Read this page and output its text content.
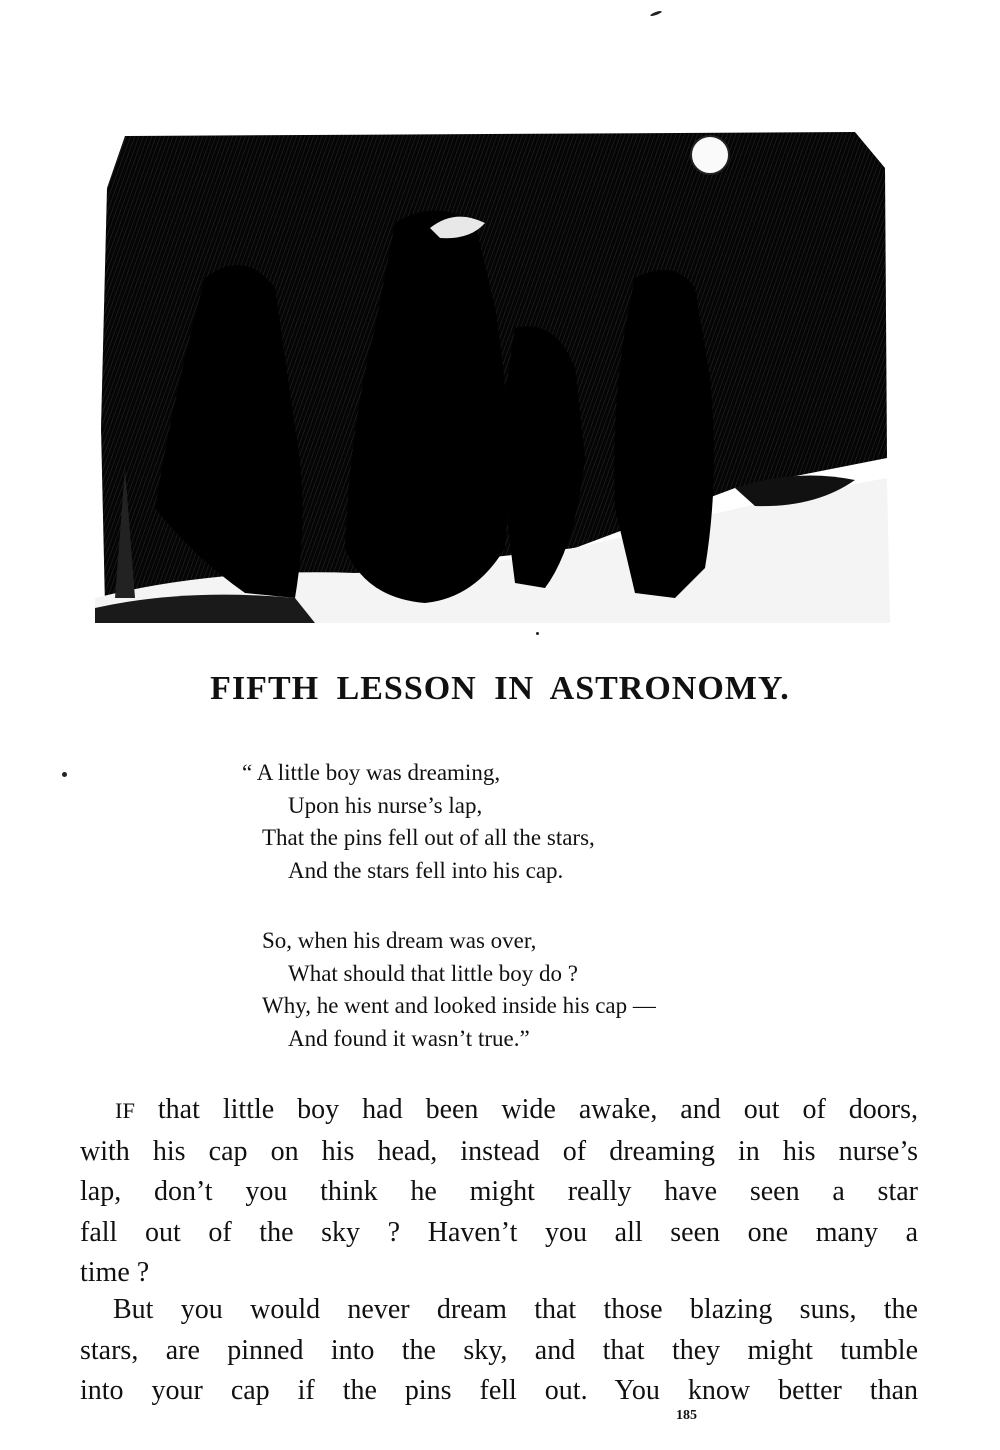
FIFTH LESSON IN ASTRONOMY.
“ A little boy was dreaming,
Upon his nurse’s lap,
That the pins fell out of all the stars,
And the stars fell into his cap.
So, when his dream was over,
What should that little boy do ?
Why, he went and looked inside his cap —
And found it wasn’t true.”
IF that little boy had been wide awake, and out of doors,
with his cap on his head, instead of dreaming in his nurse’s
lap, don’t you think he might really have seen a star
fall out of the sky ? Haven’t you all seen one many a
time ?
But you would never dream that those blazing suns, the
stars, are pinned into the sky, and that they might tumble
into your cap if the pins fell out. You know better than
185
